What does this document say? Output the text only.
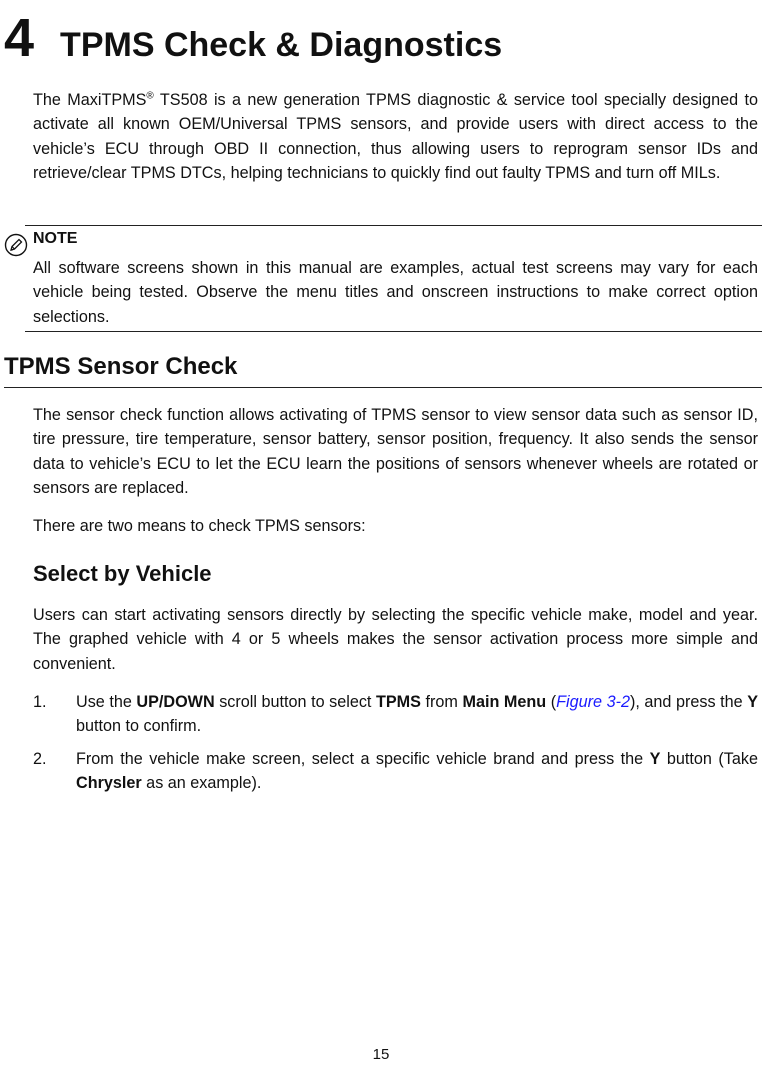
4 TPMS Check & Diagnostics

The MaxiTPMS® TS508 is a new generation TPMS diagnostic & service tool specially designed to activate all known OEM/Universal TPMS sensors, and provide users with direct access to the vehicle’s ECU through OBD II connection, thus allowing users to reprogram sensor IDs and retrieve/clear TPMS DTCs, helping technicians to quickly find out faulty TPMS and turn off MILs.

NOTE

All software screens shown in this manual are examples, actual test screens may vary for each vehicle being tested. Observe the menu titles and onscreen instructions to make correct option selections.

TPMS Sensor Check

The sensor check function allows activating of TPMS sensor to view sensor data such as sensor ID, tire pressure, tire temperature, sensor battery, sensor position, frequency. It also sends the sensor data to vehicle’s ECU to let the ECU learn the positions of sensors whenever wheels are rotated or sensors are replaced.

There are two means to check TPMS sensors:

Select by Vehicle

Users can start activating sensors directly by selecting the specific vehicle make, model and year. The graphed vehicle with 4 or 5 wheels makes the sensor activation process more simple and convenient.

1. Use the UP/DOWN scroll button to select TPMS from Main Menu (Figure 3-2), and press the Y button to confirm.

2. From the vehicle make screen, select a specific vehicle brand and press the Y button (Take Chrysler as an example).

15
